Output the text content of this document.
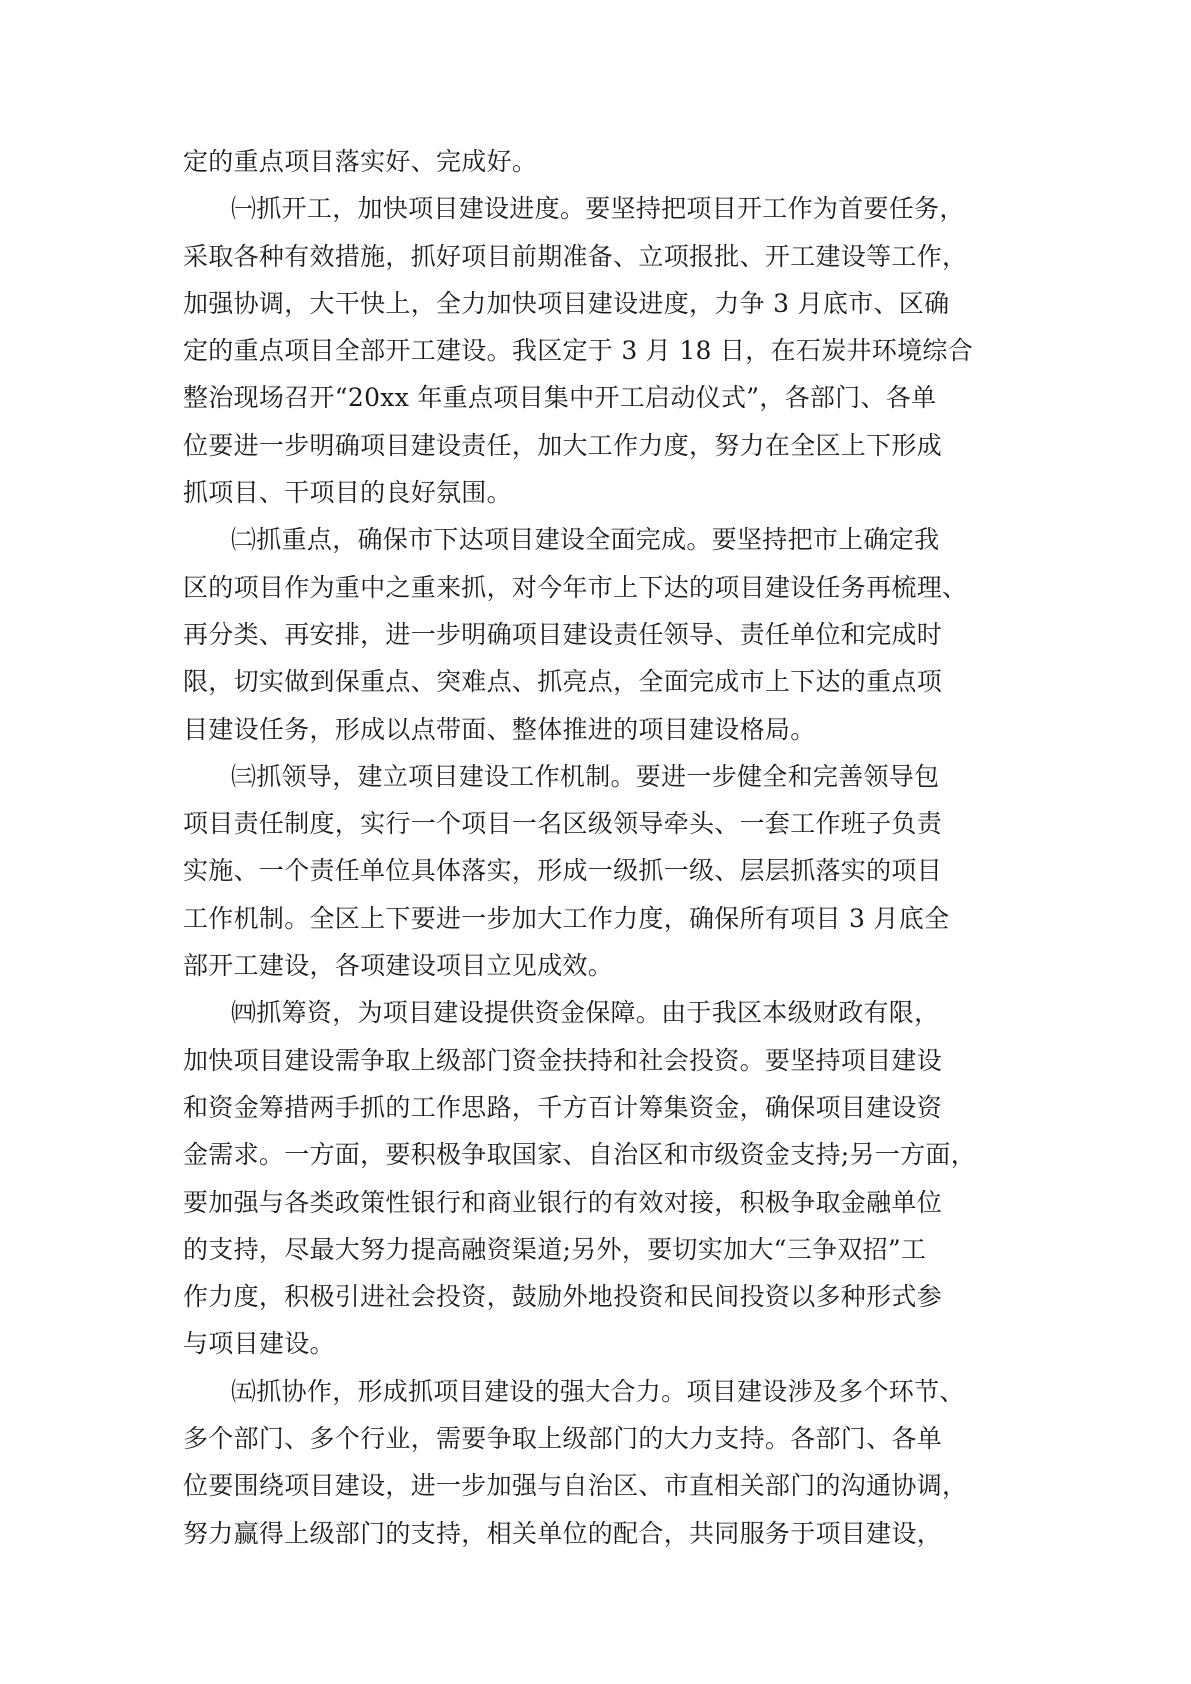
定的重点项目落实好、完成好。
㈠抓开工，加快项目建设进度。要坚持把项目开工作为首要任务，
采取各种有效措施，抓好项目前期准备、立项报批、开工建设等工作，
加强协调，大干快上，全力加快项目建设进度，力争 3 月底市、区确
定的重点项目全部开工建设。我区定于 3 月 18 日，在石炭井环境综合
整治现场召开“20xx 年重点项目集中开工启动仪式”，各部门、各单
位要进一步明确项目建设责任，加大工作力度，努力在全区上下形成
抓项目、干项目的良好氛围。
㈡抓重点，确保市下达项目建设全面完成。要坚持把市上确定我
区的项目作为重中之重来抓，对今年市上下达的项目建设任务再梳理、
再分类、再安排，进一步明确项目建设责任领导、责任单位和完成时
限，切实做到保重点、突难点、抓亮点，全面完成市上下达的重点项
目建设任务，形成以点带面、整体推进的项目建设格局。
㈢抓领导，建立项目建设工作机制。要进一步健全和完善领导包
项目责任制度，实行一个项目一名区级领导牵头、一套工作班子负责
实施、一个责任单位具体落实，形成一级抓一级、层层抓落实的项目
工作机制。全区上下要进一步加大工作力度，确保所有项目 3 月底全
部开工建设，各项建设项目立见成效。
㈣抓筹资，为项目建设提供资金保障。由于我区本级财政有限，
加快项目建设需争取上级部门资金扶持和社会投资。要坚持项目建设
和资金筹措两手抓的工作思路，千方百计筹集资金，确保项目建设资
金需求。一方面，要积极争取国家、自治区和市级资金支持;另一方面，
要加强与各类政策性银行和商业银行的有效对接，积极争取金融单位
的支持，尽最大努力提高融资渠道;另外，要切实加大“三争双招”工
作力度，积极引进社会投资，鼓励外地投资和民间投资以多种形式参
与项目建设。
㈤抓协作，形成抓项目建设的强大合力。项目建设涉及多个环节、
多个部门、多个行业，需要争取上级部门的大力支持。各部门、各单
位要围绕项目建设，进一步加强与自治区、市直相关部门的沟通协调，
努力赢得上级部门的支持，相关单位的配合，共同服务于项目建设，
